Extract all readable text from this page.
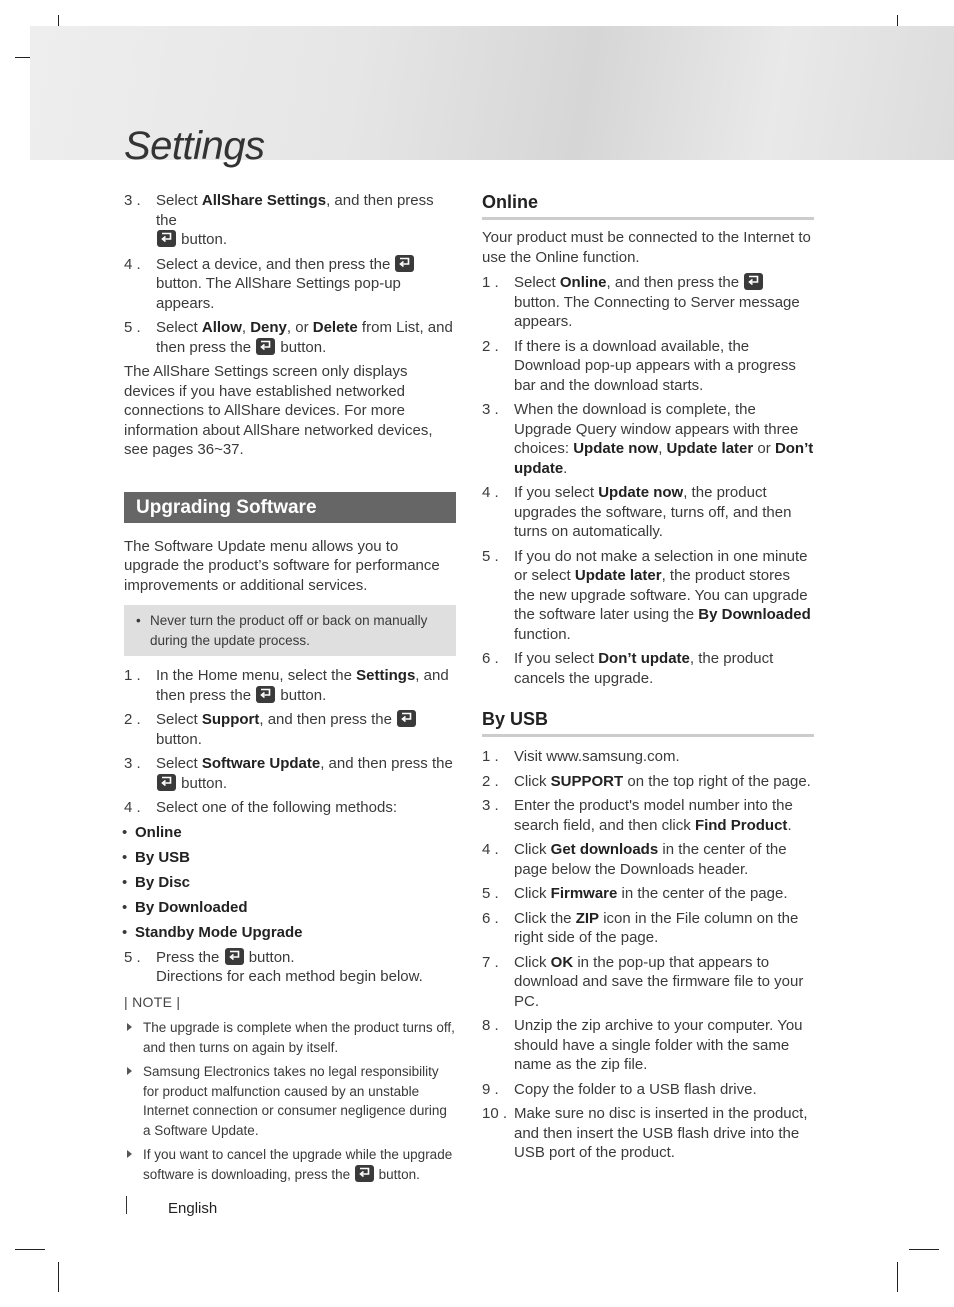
Settings
3 . Select AllShare Settings, and then press the

button.
4 . Select a device, and then press the

button. The AllShare Settings pop-up appears.
5 . Select Allow, Deny, or Delete from List, and then press the
button.

The AllShare Settings screen only displays devices if you have established networked connections to AllShare devices. For more information about AllShare networked devices, see pages 36~37.

Upgrading Software

The Software Update menu allows you to upgrade the product’s software for performance improvements or additional services.

• Never turn the product off or back on manually during the update process.
1 . In the Home menu, select the Settings, and then press the
button.
2 . Select Support, and then press the

button.
3 . Select Software Update, and then press the

button.
4 . Select one of the following methods:
• Online
• By USB
• By Disc
• By Downloaded
• Standby Mode Upgrade
5 . Press the
button.
Directions for each method begin below.

| NOTE |

The upgrade is complete when the product turns off, and then turns on again by itself.
Samsung Electronics takes no legal responsibility for product malfunction caused by an unstable Internet connection or consumer negligence during a Software Update.
If you want to cancel the upgrade while the upgrade software is downloading, press the
button.
Online

Your product must be connected to the Internet to use the Online function.

1 . Select Online, and then press the
button. The Connecting to Server message appears.
2 . If there is a download available, the Download pop-up appears with a progress bar and the download starts.
3 . When the download is complete, the Upgrade Query window appears with three choices: Update now, Update later or Don’t update.
4 . If you select Update now, the product upgrades the software, turns off, and then turns on automatically.
5 . If you do not make a selection in one minute or select Update later, the product stores the new upgrade software. You can upgrade the software later using the By Downloaded function.
6 . If you select Don’t update, the product cancels the upgrade.
By USB
1 . Visit www.samsung.com.
2 . Click SUPPORT on the top right of the page.
3 . Enter the product's model number into the search field, and then click Find Product.
4 . Click Get downloads in the center of the page below the Downloads header.
5 . Click Firmware in the center of the page.
6 . Click the ZIP icon in the File column on the right side of the page.
7 . Click OK in the pop-up that appears to download and save the firmware file to your PC.
8 . Unzip the zip archive to your computer. You should have a single folder with the same name as the zip file.
9 . Copy the folder to a USB flash drive.
10 . Make sure no disc is inserted in the product, and then insert the USB flash drive into the USB port of the product.
English
